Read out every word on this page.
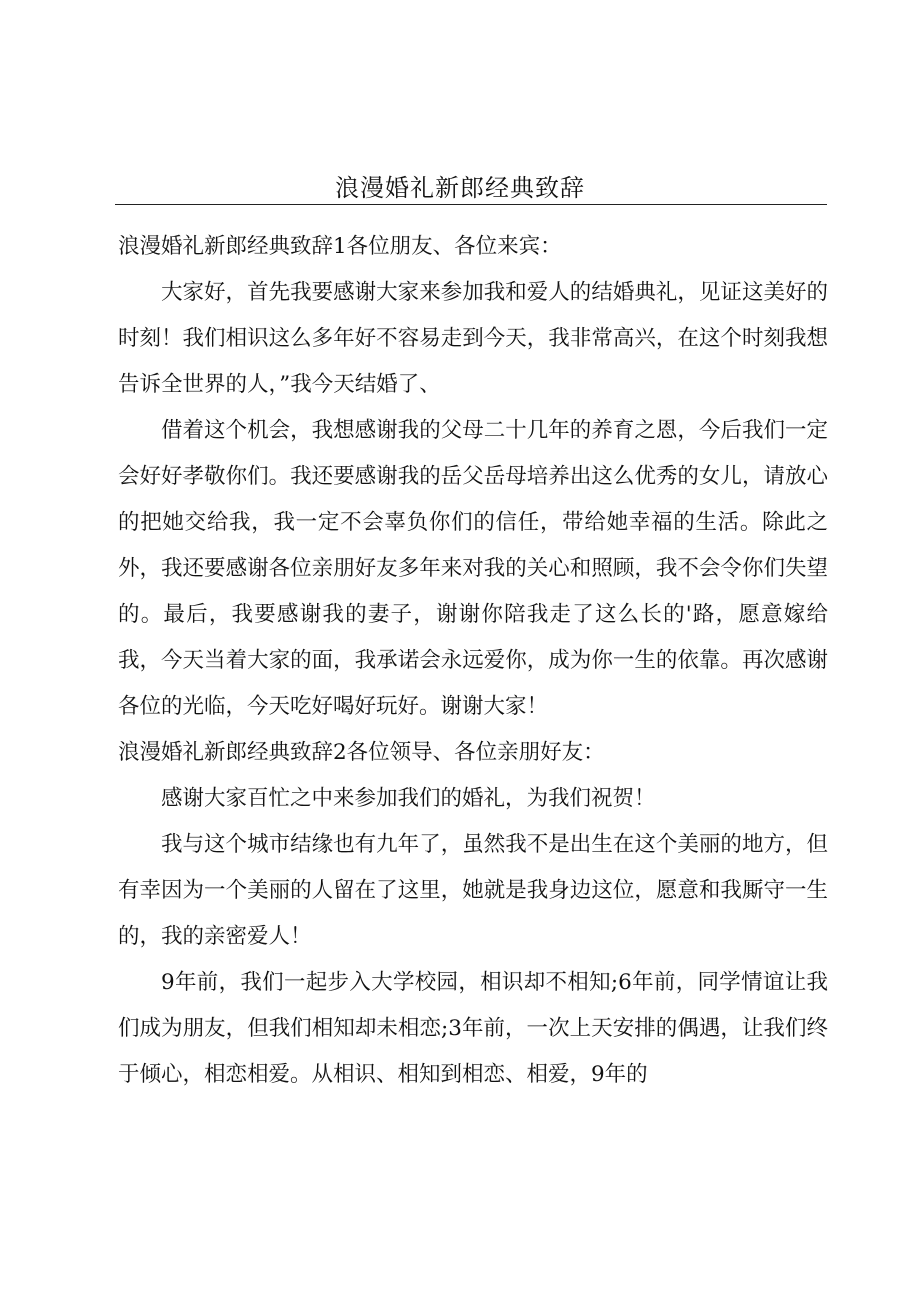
浪漫婚礼新郎经典致辞

浪漫婚礼新郎经典致辞1各位朋友、各位来宾：

大家好，首先我要感谢大家来参加我和爱人的结婚典礼，见证这美好的时刻！我们相识这么多年好不容易走到今天，我非常高兴，在这个时刻我想告诉全世界的人，”我今天结婚了、

借着这个机会，我想感谢我的父母二十几年的养育之恩，今后我们一定会好好孝敬你们。我还要感谢我的岳父岳母培养出这么优秀的女儿，请放心的把她交给我，我一定不会辜负你们的信任，带给她幸福的生活。除此之外，我还要感谢各位亲朋好友多年来对我的关心和照顾，我不会令你们失望的。最后，我要感谢我的妻子，谢谢你陪我走了这么长的'路，愿意嫁给我，今天当着大家的面，我承诺会永远爱你，成为你一生的依靠。再次感谢各位的光临，今天吃好喝好玩好。谢谢大家！

浪漫婚礼新郎经典致辞2各位领导、各位亲朋好友：

感谢大家百忙之中来参加我们的婚礼，为我们祝贺！

我与这个城市结缘也有九年了，虽然我不是出生在这个美丽的地方，但有幸因为一个美丽的人留在了这里，她就是我身边这位，愿意和我厮守一生的，我的亲密爱人！

9年前，我们一起步入大学校园，相识却不相知;6年前，同学情谊让我们成为朋友，但我们相知却未相恋;3年前，一次上天安排的偶遇，让我们终于倾心，相恋相爱。从相识、相知到相恋、相爱，9年的
